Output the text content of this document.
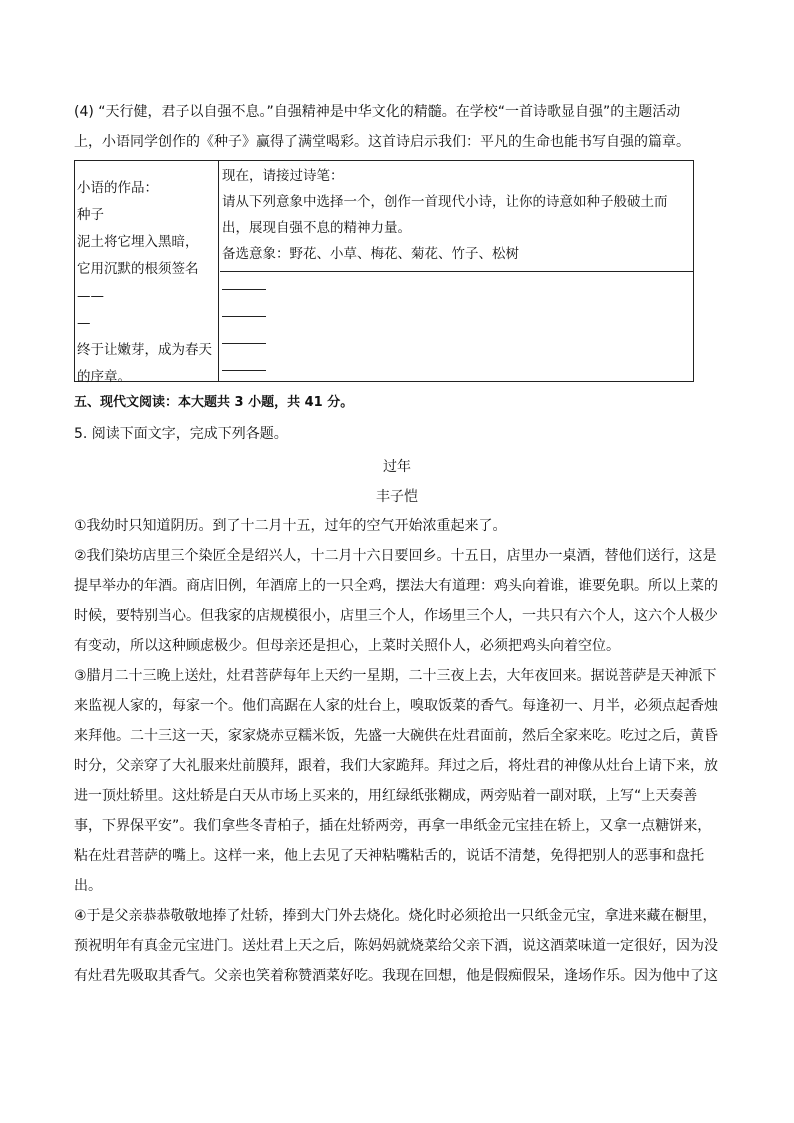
(4) “天行健，君子以自强不息。”自强精神是中华文化的精髓。在学校“一首诗歌显自强”的主题活动
上，小语同学创作的《种子》赢得了满堂喝彩。这首诗启示我们：平凡的生命也能书写自强的篇章。
小语的作品：
种子
泥土将它埋入黑暗，
它用沉默的根须签名——
—
终于让嫩芽，成为春天
的序章。
现在，请接过诗笔：
请从下列意象中选择一个，创作一首现代小诗，让你的诗意如种子般破土而
出，展现自强不息的精神力量。
备选意象：野花、小草、梅花、菊花、竹子、松树
五、现代文阅读：本大题共 3 小题，共 41 分。
5. 阅读下面文字，完成下列各题。
过年
丰子恺
①我幼时只知道阴历。到了十二月十五，过年的空气开始浓重起来了。
②我们染坊店里三个染匠全是绍兴人，十二月十六日要回乡。十五日，店里办一桌酒，替他们送行，这是
提早举办的年酒。商店旧例，年酒席上的一只全鸡，摆法大有道理：鸡头向着谁，谁要免职。所以上菜的
时候，要特别当心。但我家的店规模很小，店里三个人，作场里三个人，一共只有六个人，这六个人极少
有变动，所以这种顾虑极少。但母亲还是担心，上菜时关照仆人，必须把鸡头向着空位。
③腊月二十三晚上送灶，灶君菩萨每年上天约一星期，二十三夜上去，大年夜回来。据说菩萨是天神派下
来监视人家的，每家一个。他们高踞在人家的灶台上，嗅取饭菜的香气。每逢初一、月半，必须点起香烛
来拜他。二十三这一天，家家烧赤豆糯米饭，先盛一大碗供在灶君面前，然后全家来吃。吃过之后，黄昏
时分，父亲穿了大礼服来灶前膜拜，跟着，我们大家跪拜。拜过之后，将灶君的神像从灶台上请下来，放
进一顶灶轿里。这灶轿是白天从市场上买来的，用红绿纸张糊成，两旁贴着一副对联，上写“上天奏善
事，下界保平安”。我们拿些冬青柏子，插在灶轿两旁，再拿一串纸金元宝挂在轿上，又拿一点糖饼来，
粘在灶君菩萨的嘴上。这样一来，他上去见了天神粘嘴粘舌的，说话不清楚，免得把别人的恶事和盘托
出。
④于是父亲恭恭敬敬地捧了灶轿，捧到大门外去烧化。烧化时必须抢出一只纸金元宝，拿进来藏在橱里，
预祝明年有真金元宝进门。送灶君上天之后，陈妈妈就烧菜给父亲下酒，说这酒菜味道一定很好，因为没
有灶君先吸取其香气。父亲也笑着称赞酒菜好吃。我现在回想，他是假痴假呆，逢场作乐。因为他中了这
